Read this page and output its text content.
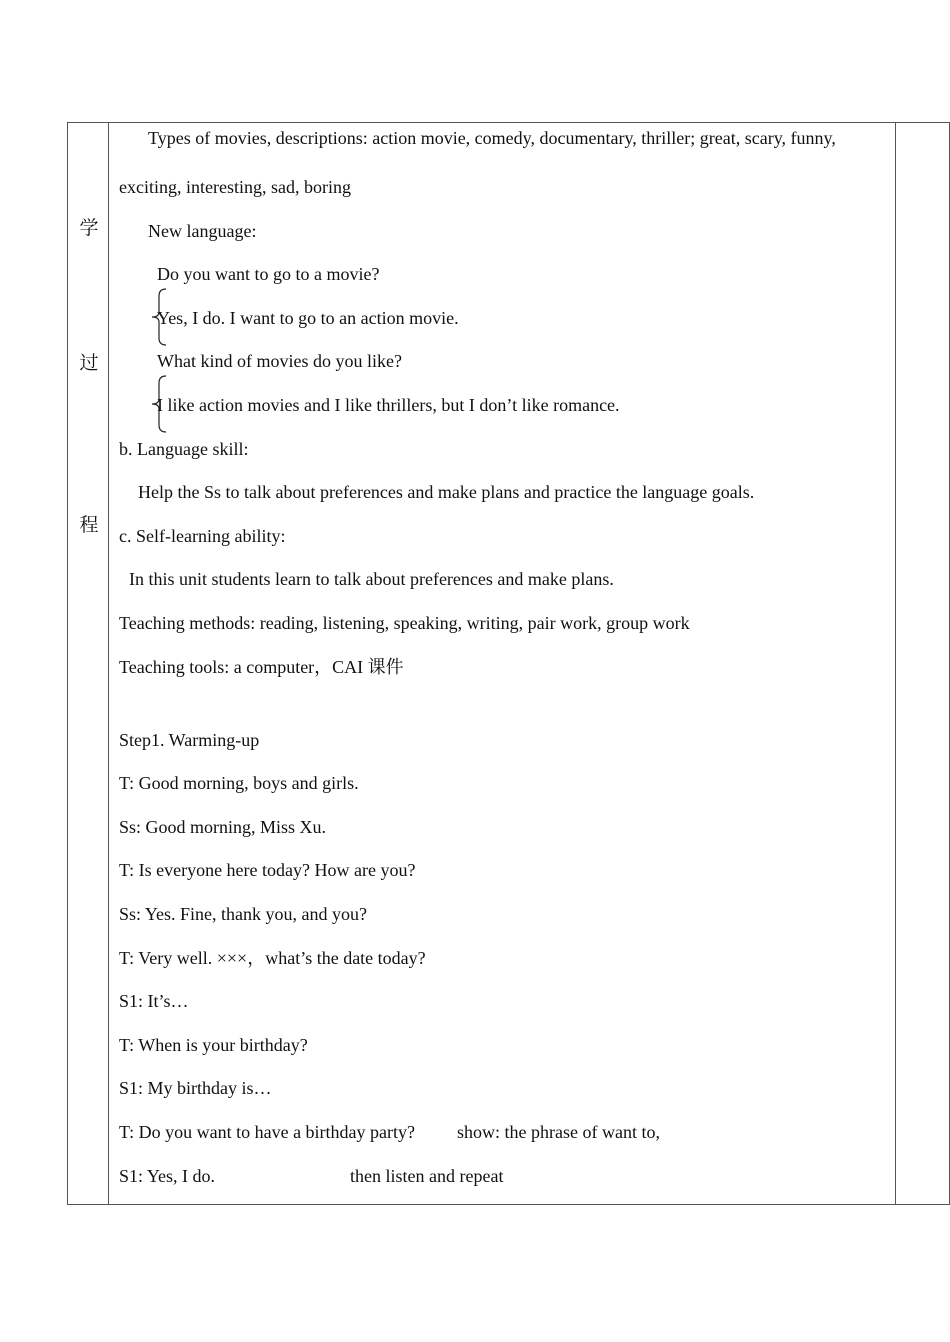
学
过
程
Types of movies, descriptions: action movie, comedy, documentary, thriller; great, scary, funny,
exciting, interesting, sad, boring
New language:
Do you want to go to a movie?
Yes, I do. I want to go to an action movie.
What kind of movies do you like?
I like action movies and I like thrillers, but I don’t like romance.
b. Language skill:
Help the Ss to talk about preferences and make plans and practice the language goals.
c. Self-learning ability:
In this unit students learn to talk about preferences and make plans.
Teaching methods: reading, listening, speaking, writing, pair work, group work
Teaching tools: a computer，CAI 课件
Step1. Warming-up
T: Good morning, boys and girls.
Ss: Good morning, Miss Xu.
T: Is everyone here today? How are you?
Ss: Yes. Fine, thank you, and you?
T: Very well. ×××，what’s the date today?
S1: It’s…
T: When is your birthday?
S1: My birthday is…
T: Do you want to have a birthday party? show: the phrase of want to,
S1: Yes, I do.	then listen and repeat
